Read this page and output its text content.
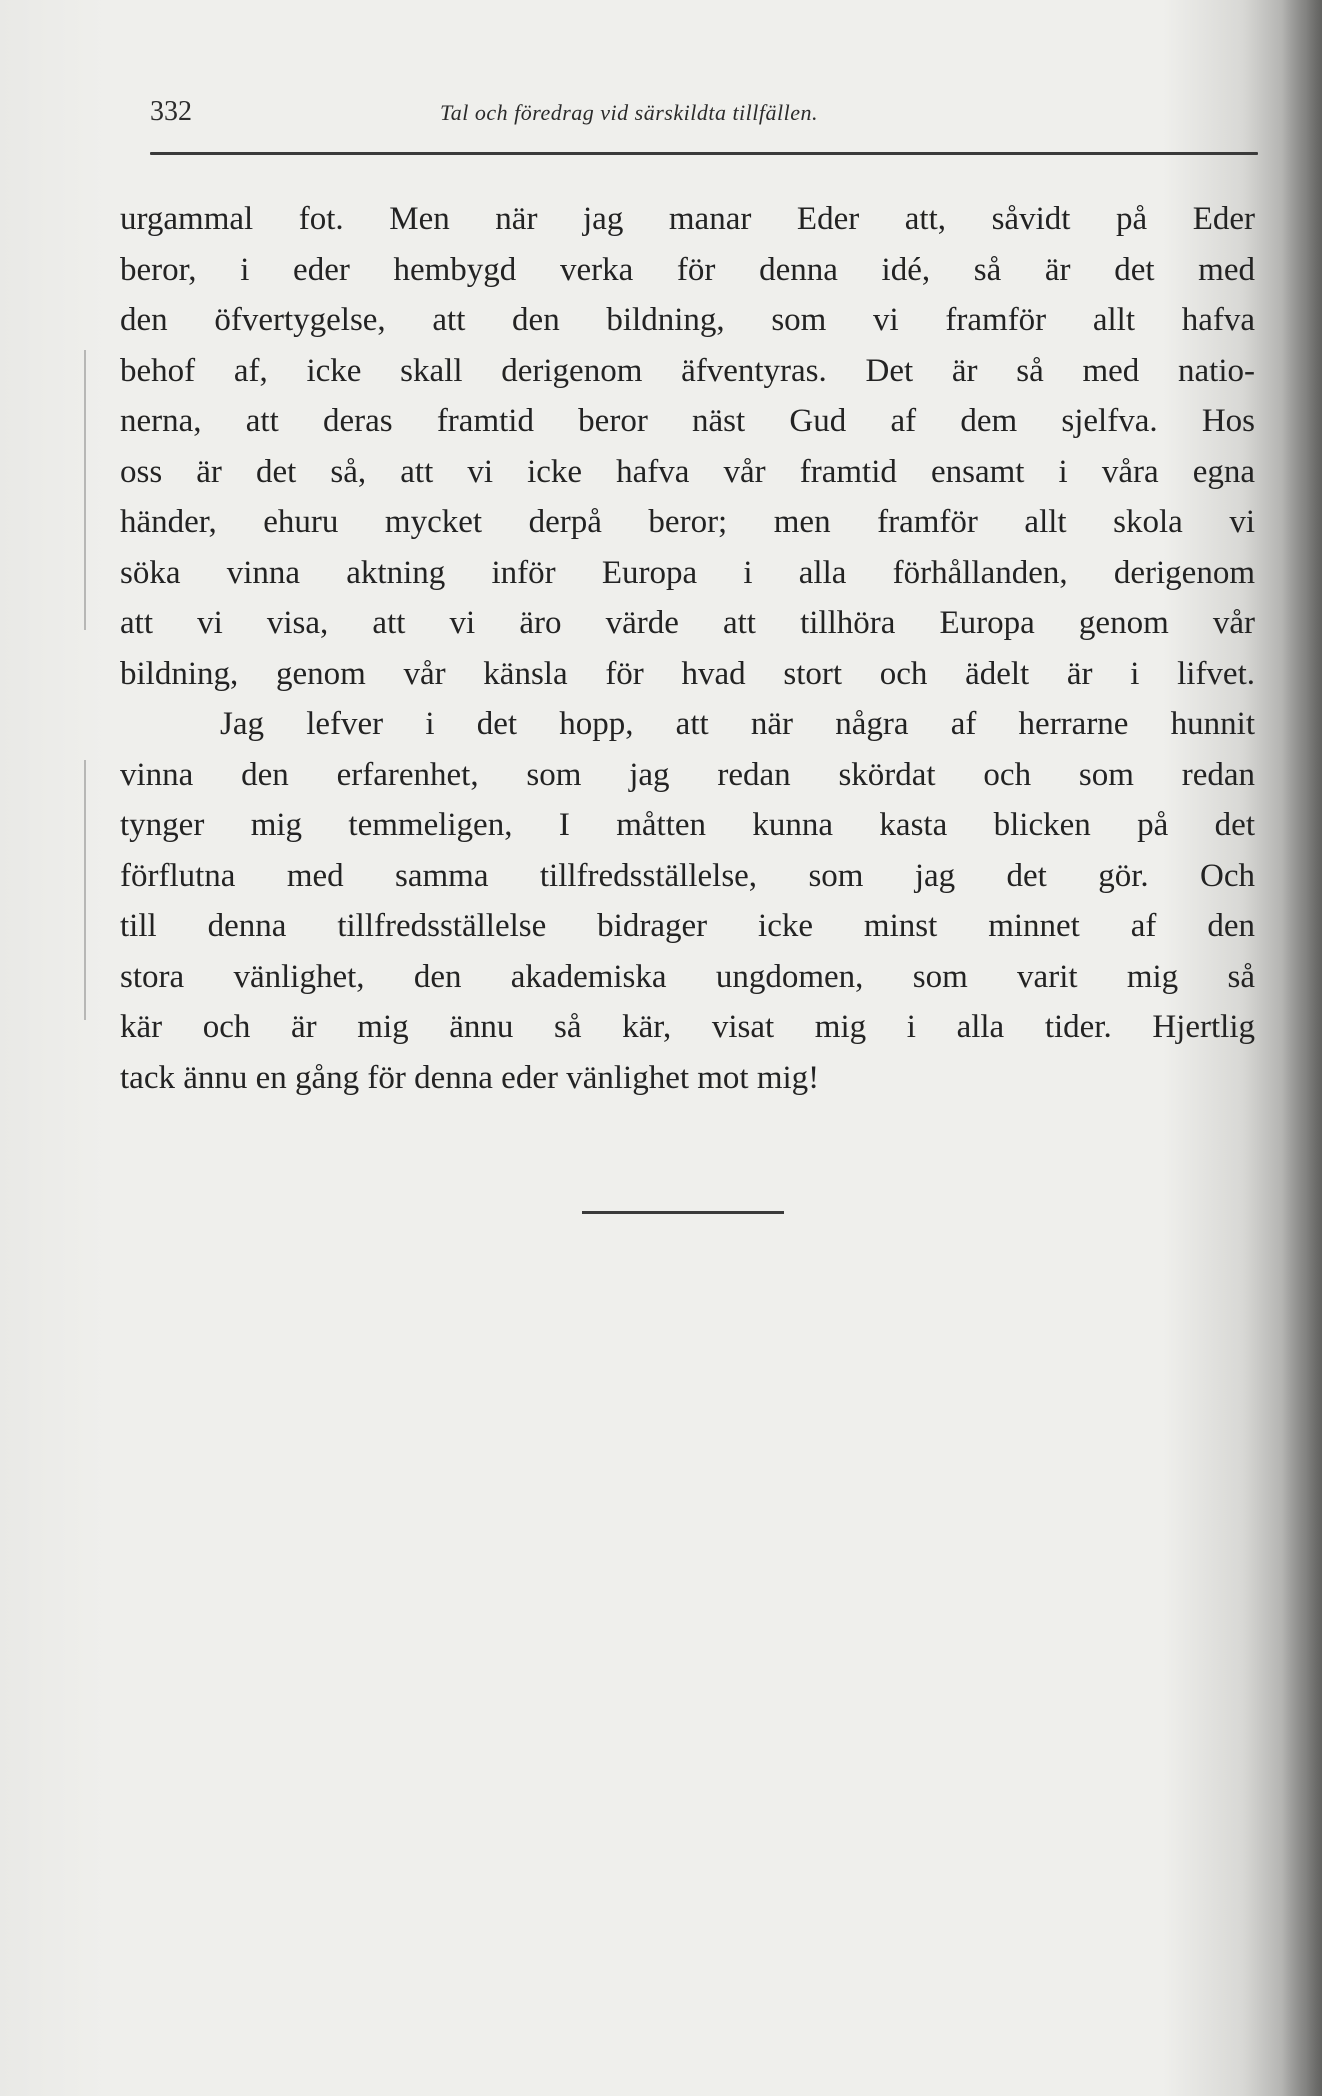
332	Tal och föredrag vid särskildta tillfällen.
urgammal fot. Men när jag manar Eder att, såvidt på Eder
beror, i eder hembygd verka för denna idé, så är det med
den öfvertygelse, att den bildning, som vi framför allt hafva
behof af, icke skall derigenom äfventyras. Det är så med natio-
nerna, att deras framtid beror näst Gud af dem sjelfva. Hos
oss är det så, att vi icke hafva vår framtid ensamt i våra egna
händer, ehuru mycket derpå beror; men framför allt skola vi
söka vinna aktning inför Europa i alla förhållanden, derigenom
att vi visa, att vi äro värde att tillhöra Europa genom vår
bildning, genom vår känsla för hvad stort och ädelt är i lifvet.
Jag lefver i det hopp, att när några af herrarne hunnit
vinna den erfarenhet, som jag redan skördat och som redan
tynger mig temmeligen, I måtten kunna kasta blicken på det
förflutna med samma tillfredsställelse, som jag det gör. Och
till denna tillfredsställelse bidrager icke minst minnet af den
stora vänlighet, den akademiska ungdomen, som varit mig så
kär och är mig ännu så kär, visat mig i alla tider. Hjertlig
tack ännu en gång för denna eder vänlighet mot mig!
